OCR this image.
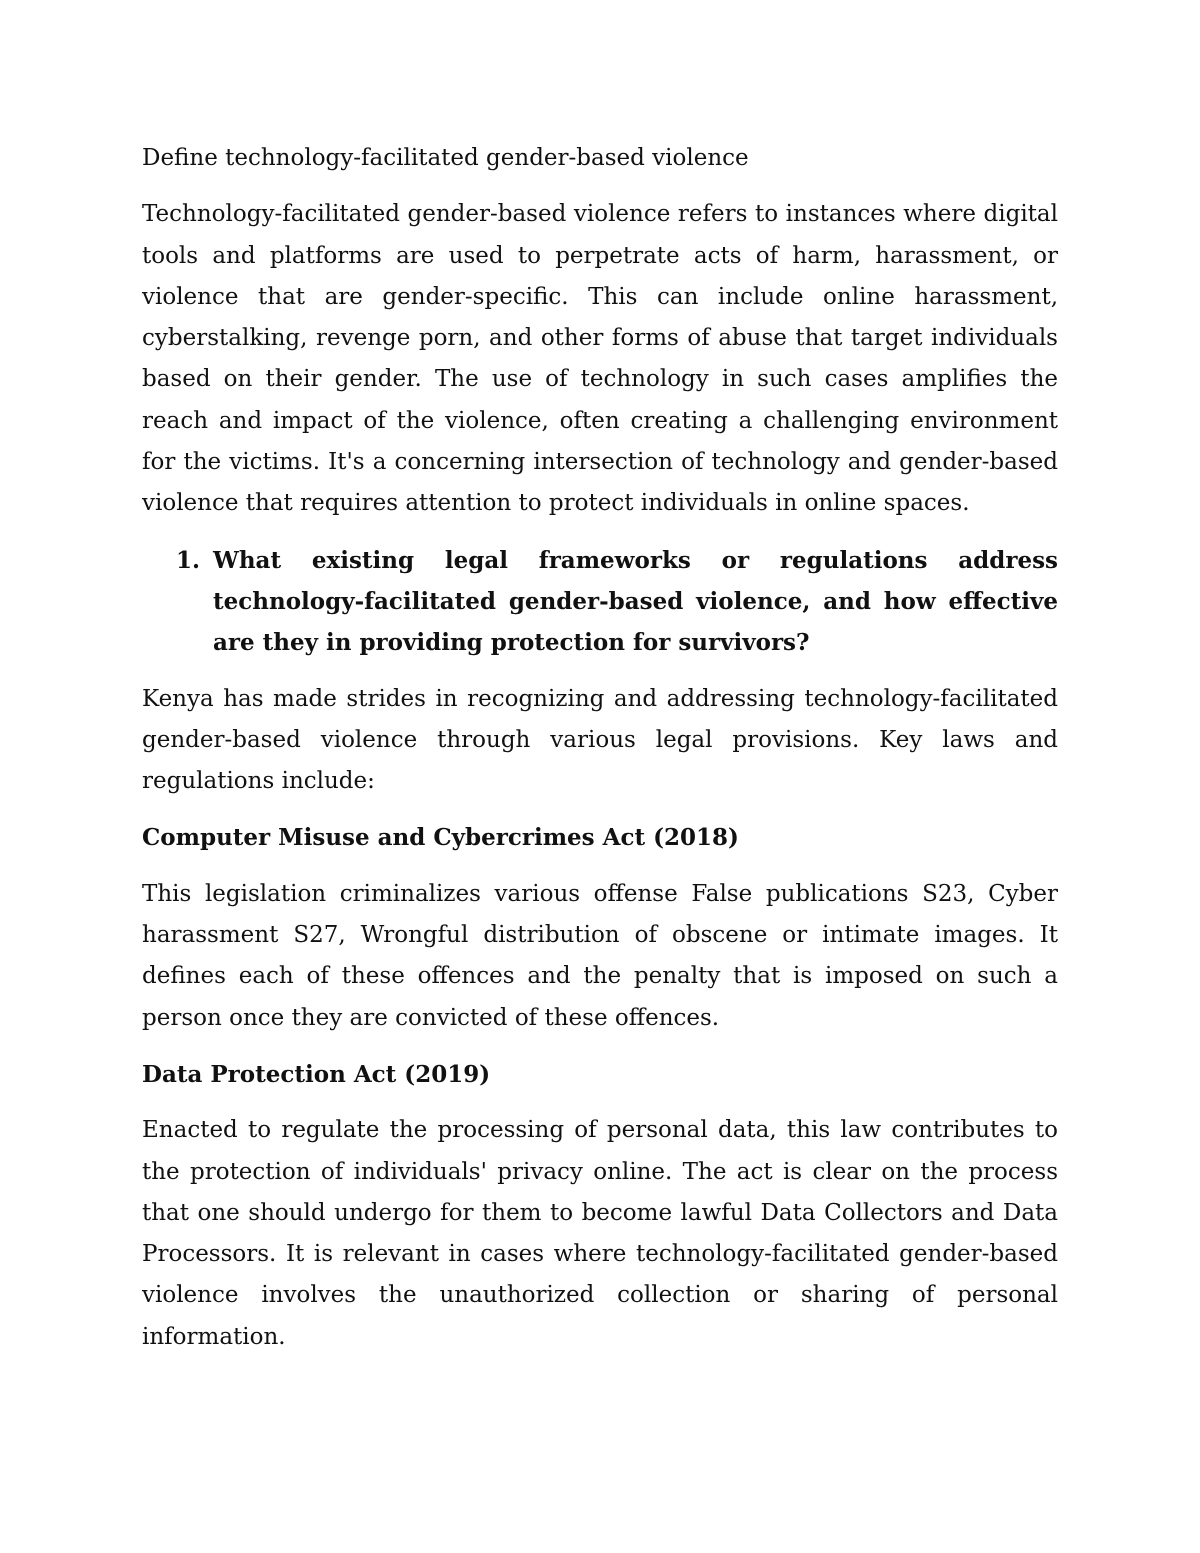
Define technology-facilitated gender-based violence

Technology-facilitated gender-based violence refers to instances where digital tools and platforms are used to perpetrate acts of harm, harassment, or violence that are gender-specific. This can include online harassment, cyberstalking, revenge porn, and other forms of abuse that target individuals based on their gender. The use of technology in such cases amplifies the reach and impact of the violence, often creating a challenging environment for the victims. It's a concerning intersection of technology and gender-based violence that requires attention to protect individuals in online spaces.

1. What existing legal frameworks or regulations address technology-facilitated gender-based violence, and how effective are they in providing protection for survivors?

Kenya has made strides in recognizing and addressing technology-facilitated gender-based violence through various legal provisions. Key laws and regulations include:

Computer Misuse and Cybercrimes Act (2018)

This legislation criminalizes various offense False publications S23, Cyber harassment S27, Wrongful distribution of obscene or intimate images. It defines each of these offences and the penalty that is imposed on such a person once they are convicted of these offences.

Data Protection Act (2019)

Enacted to regulate the processing of personal data, this law contributes to the protection of individuals' privacy online. The act is clear on the process that one should undergo for them to become lawful Data Collectors and Data Processors. It is relevant in cases where technology-facilitated gender-based violence involves the unauthorized collection or sharing of personal information.
